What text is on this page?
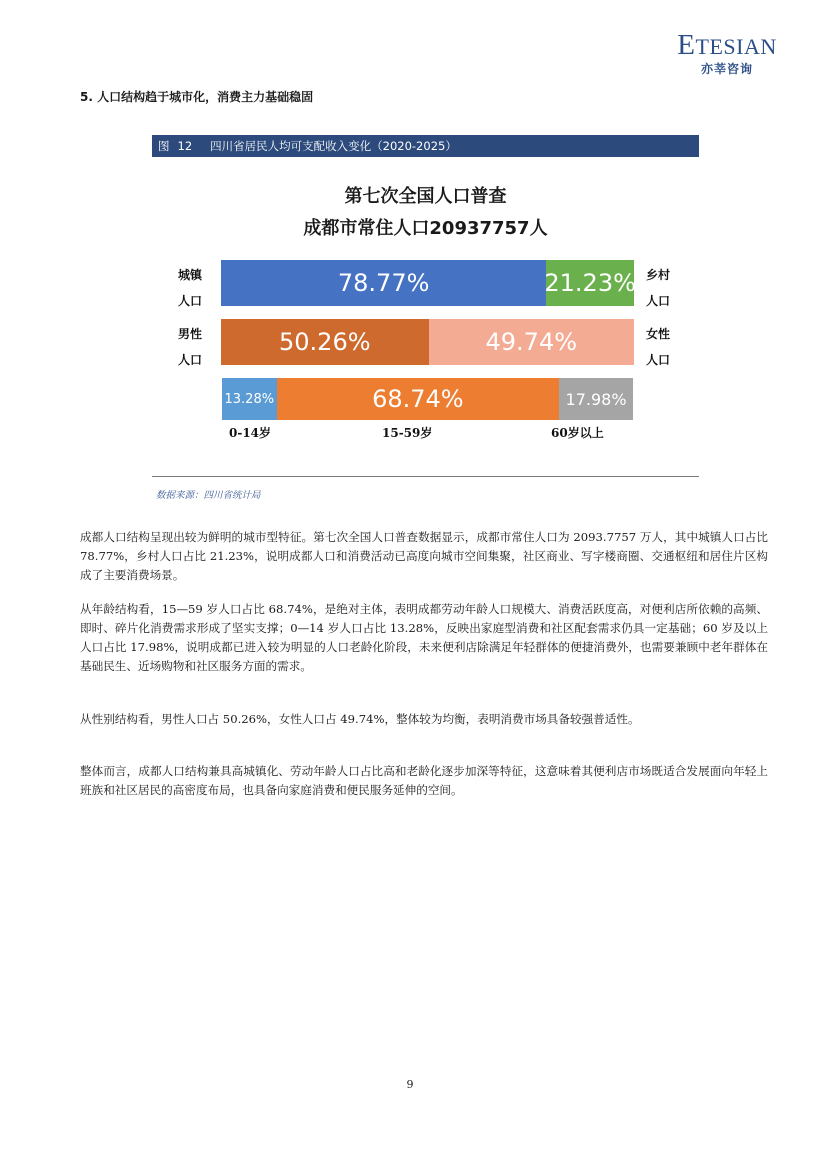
ETESIAN
亦莘咨询
5. 人口结构趋于城市化，消费主力基础稳固
图 12 四川省居民人均可支配收入变化（2020-2025）
第七次全国人口普查
成都市常住人口20937757人
城镇
人口
乡村
人口
78.77%	21.23%
男性
人口
女性
人口
50.26%	49.74%
13.28%	68.74%	17.98%
0-14岁	15-59岁	60岁以上
数据来源：四川省统计局

成都人口结构呈现出较为鲜明的城市型特征。第七次全国人口普查数据显示，成都市常住人口为 2093.7757 万人，其中城镇人口占比 78.77%，乡村人口占比 21.23%，说明成都人口和消费活动已高度向城市空间集聚，社区商业、写字楼商圈、交通枢纽和居住片区构成了主要消费场景。

从年龄结构看，15—59 岁人口占比 68.74%，是绝对主体，表明成都劳动年龄人口规模大、消费活跃度高，对便利店所依赖的高频、即时、碎片化消费需求形成了坚实支撑；0—14 岁人口占比 13.28%，反映出家庭型消费和社区配套需求仍具一定基础；60 岁及以上人口占比 17.98%，说明成都已进入较为明显的人口老龄化阶段，未来便利店除满足年轻群体的便捷消费外，也需要兼顾中老年群体在基础民生、近场购物和社区服务方面的需求。

从性别结构看，男性人口占 50.26%，女性人口占 49.74%，整体较为均衡，表明消费市场具备较强普适性。

整体而言，成都人口结构兼具高城镇化、劳动年龄人口占比高和老龄化逐步加深等特征，这意味着其便利店市场既适合发展面向年轻上班族和社区居民的高密度布局，也具备向家庭消费和便民服务延伸的空间。

9
